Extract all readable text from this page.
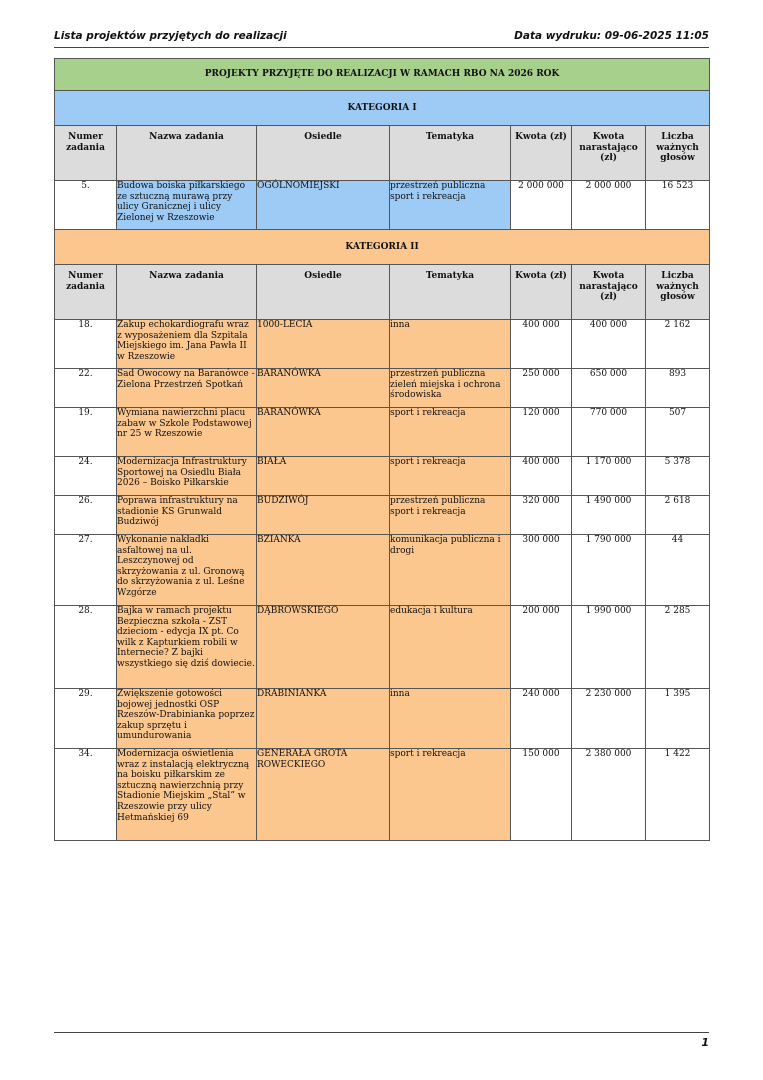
Lista projektów przyjętych do realizacji	Data wydruku: 09-06-2025 11:05
PROJEKTY PRZYJĘTE DO REALIZACJI W RAMACH RBO NA 2026 ROK						
KATEGORIA I						
Numer zadania	Nazwa zadania	Osiedle	Tematyka	Kwota (zł)	Kwota narastająco (zł)	Liczba ważnych głosów
5.	Budowa boiska piłkarskiego ze sztuczną murawą przy ulicy Granicznej i ulicy Zielonej w Rzeszowie	OGÓLNOMIEJSKI	przestrzeń publiczna sport i rekreacja	2 000 000	2 000 000	16 523
KATEGORIA II						
Numer zadania	Nazwa zadania	Osiedle	Tematyka	Kwota (zł)	Kwota narastająco (zł)	Liczba ważnych głosów
18.	Zakup echokardiografu wraz z wyposażeniem dla Szpitala Miejskiego im. Jana Pawła II w Rzeszowie	1000-LECIA	inna	400 000	400 000	2 162
22.	Sad Owocowy na Baranówce - Zielona Przestrzeń Spotkań	BARANÓWKA	przestrzeń publiczna zieleń miejska i ochrona środowiska	250 000	650 000	893
19.	Wymiana nawierzchni placu zabaw w Szkole Podstawowej nr 25 w Rzeszowie	BARANÓWKA	sport i rekreacja	120 000	770 000	507
24.	Modernizacja Infrastruktury Sportowej na Osiedlu Biała 2026 – Boisko Piłkarskie	BIAŁA	sport i rekreacja	400 000	1 170 000	5 378
26.	Poprawa infrastruktury na stadionie KS Grunwald Budziwój	BUDZIWÓJ	przestrzeń publiczna sport i rekreacja	320 000	1 490 000	2 618
27.	Wykonanie nakładki asfaltowej na ul. Leszczynowej od skrzyżowania z ul. Gronową do skrzyżowania z ul. Leśne Wzgórze	BZIANKA	komunikacja publiczna i drogi	300 000	1 790 000	44
28.	Bajka w ramach projektu Bezpieczna szkoła - ZST dzieciom - edycja IX pt. Co wilk z Kapturkiem robili w Internecie? Z bajki wszystkiego się dziś dowiecie.	DĄBROWSKIEGO	edukacja i kultura	200 000	1 990 000	2 285
29.	Zwiększenie gotowości bojowej jednostki OSP Rzeszów-Drabinianka poprzez zakup sprzętu i umundurowania	DRABINIANKA	inna	240 000	2 230 000	1 395
34.	Modernizacja oświetlenia wraz z instalacją elektryczną na boisku piłkarskim ze sztuczną nawierzchnią przy Stadionie Miejskim „Stal” w Rzeszowie przy ulicy Hetmańskiej 69	GENERAŁA GROTA ROWECKIEGO	sport i rekreacja	150 000	2 380 000	1 422
1
